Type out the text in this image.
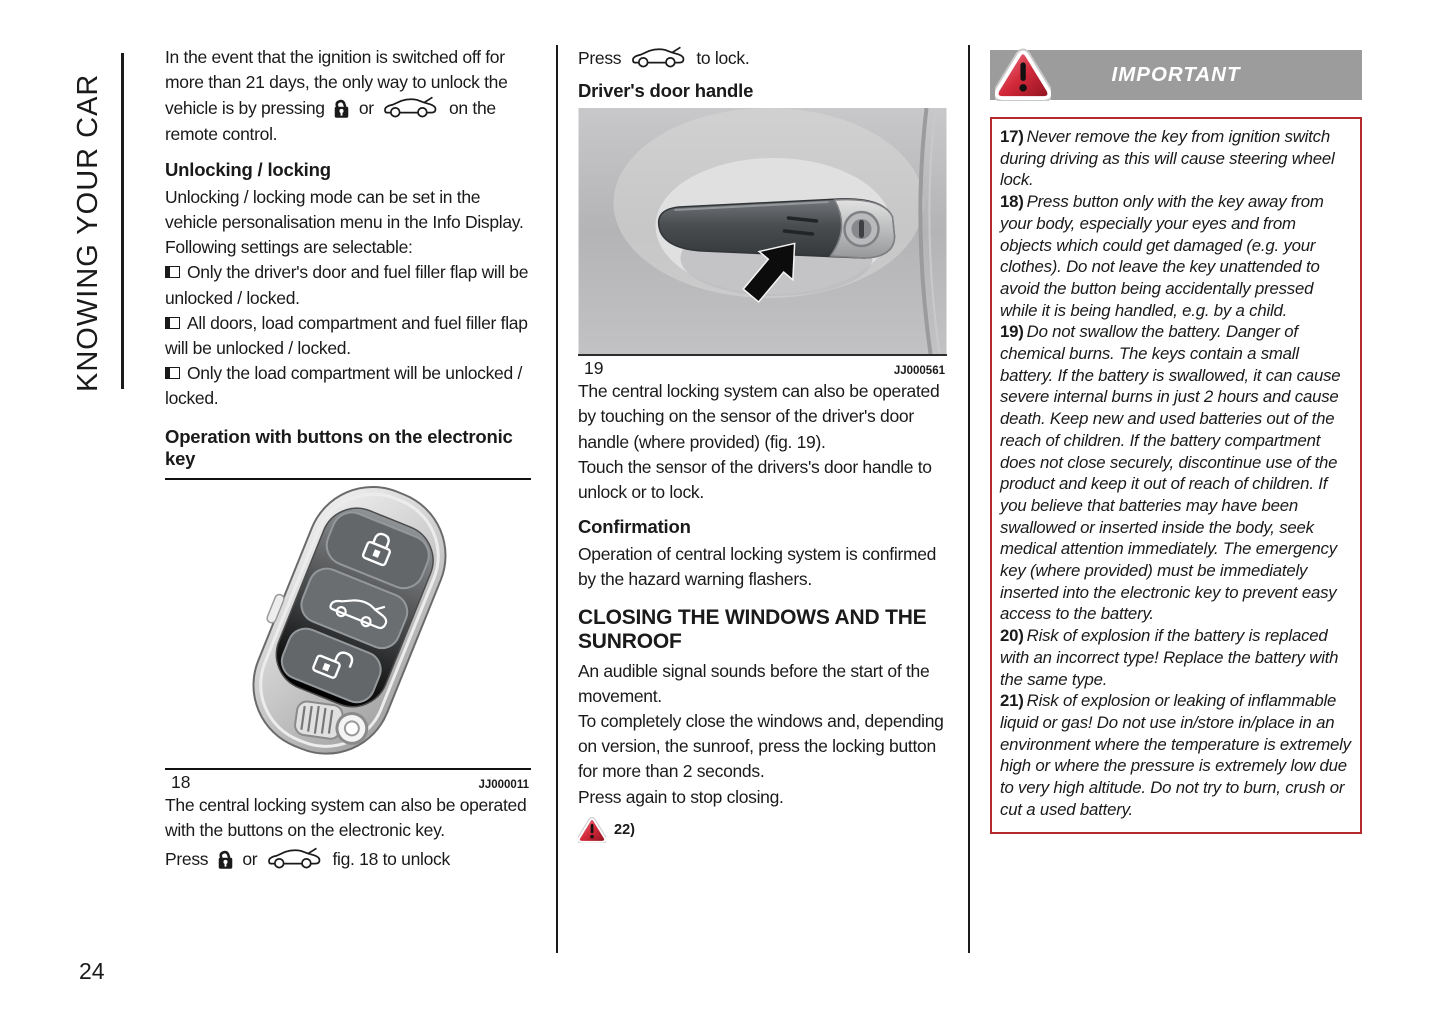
KNOWING YOUR CAR
24

In the event that the ignition is switched off for more than 21 days, the only way to unlock the vehicle is by pressing or	on the remote control.

Unlocking / locking

Unlocking / locking mode can be set in the vehicle personalisation menu in the Info Display. Following settings are selectable:

Only the driver's door and fuel filler flap will be unlocked / locked.

All doors, load compartment and fuel filler flap will be unlocked / locked.

Only the load compartment will be unlocked / locked.

Operation with buttons on the electronic key
18	JJ000011

The central locking system can also be operated with the buttons on the electronic key.

Press or	fig. 18 to unlock

Press	to lock.

Driver's door handle
19	JJ000561

The central locking system can also be operated by touching on the sensor of the driver's door handle (where provided) (fig. 19).

Touch the sensor of the drivers's door handle to unlock or to lock.

Confirmation

Operation of central locking system is confirmed by the hazard warning flashers.

CLOSING THE WINDOWS AND THE SUNROOF

An audible signal sounds before the start of the movement.

To completely close the windows and, depending on version, the sunroof, press the locking button for more than 2 seconds.

Press again to stop closing.

22)
IMPORTANT

17) Never remove the key from ignition switch during driving as this will cause steering wheel lock.

18) Press button only with the key away from your body, especially your eyes and from objects which could get damaged (e.g. your clothes). Do not leave the key unattended to avoid the button being accidentally pressed while it is being handled, e.g. by a child.

19) Do not swallow the battery. Danger of chemical burns. The keys contain a small battery. If the battery is swallowed, it can cause severe internal burns in just 2 hours and cause death. Keep new and used batteries out of the reach of children. If the battery compartment does not close securely, discontinue use of the product and keep it out of reach of children. If you believe that batteries may have been swallowed or inserted inside the body, seek medical attention immediately. The emergency key (where provided) must be immediately inserted into the electronic key to prevent easy access to the battery.

20) Risk of explosion if the battery is replaced with an incorrect type! Replace the battery with the same type.

21) Risk of explosion or leaking of inflammable liquid or gas! Do not use in/store in/place in an environment where the temperature is extremely high or where the pressure is extremely low due to very high altitude. Do not try to burn, crush or cut a used battery.
